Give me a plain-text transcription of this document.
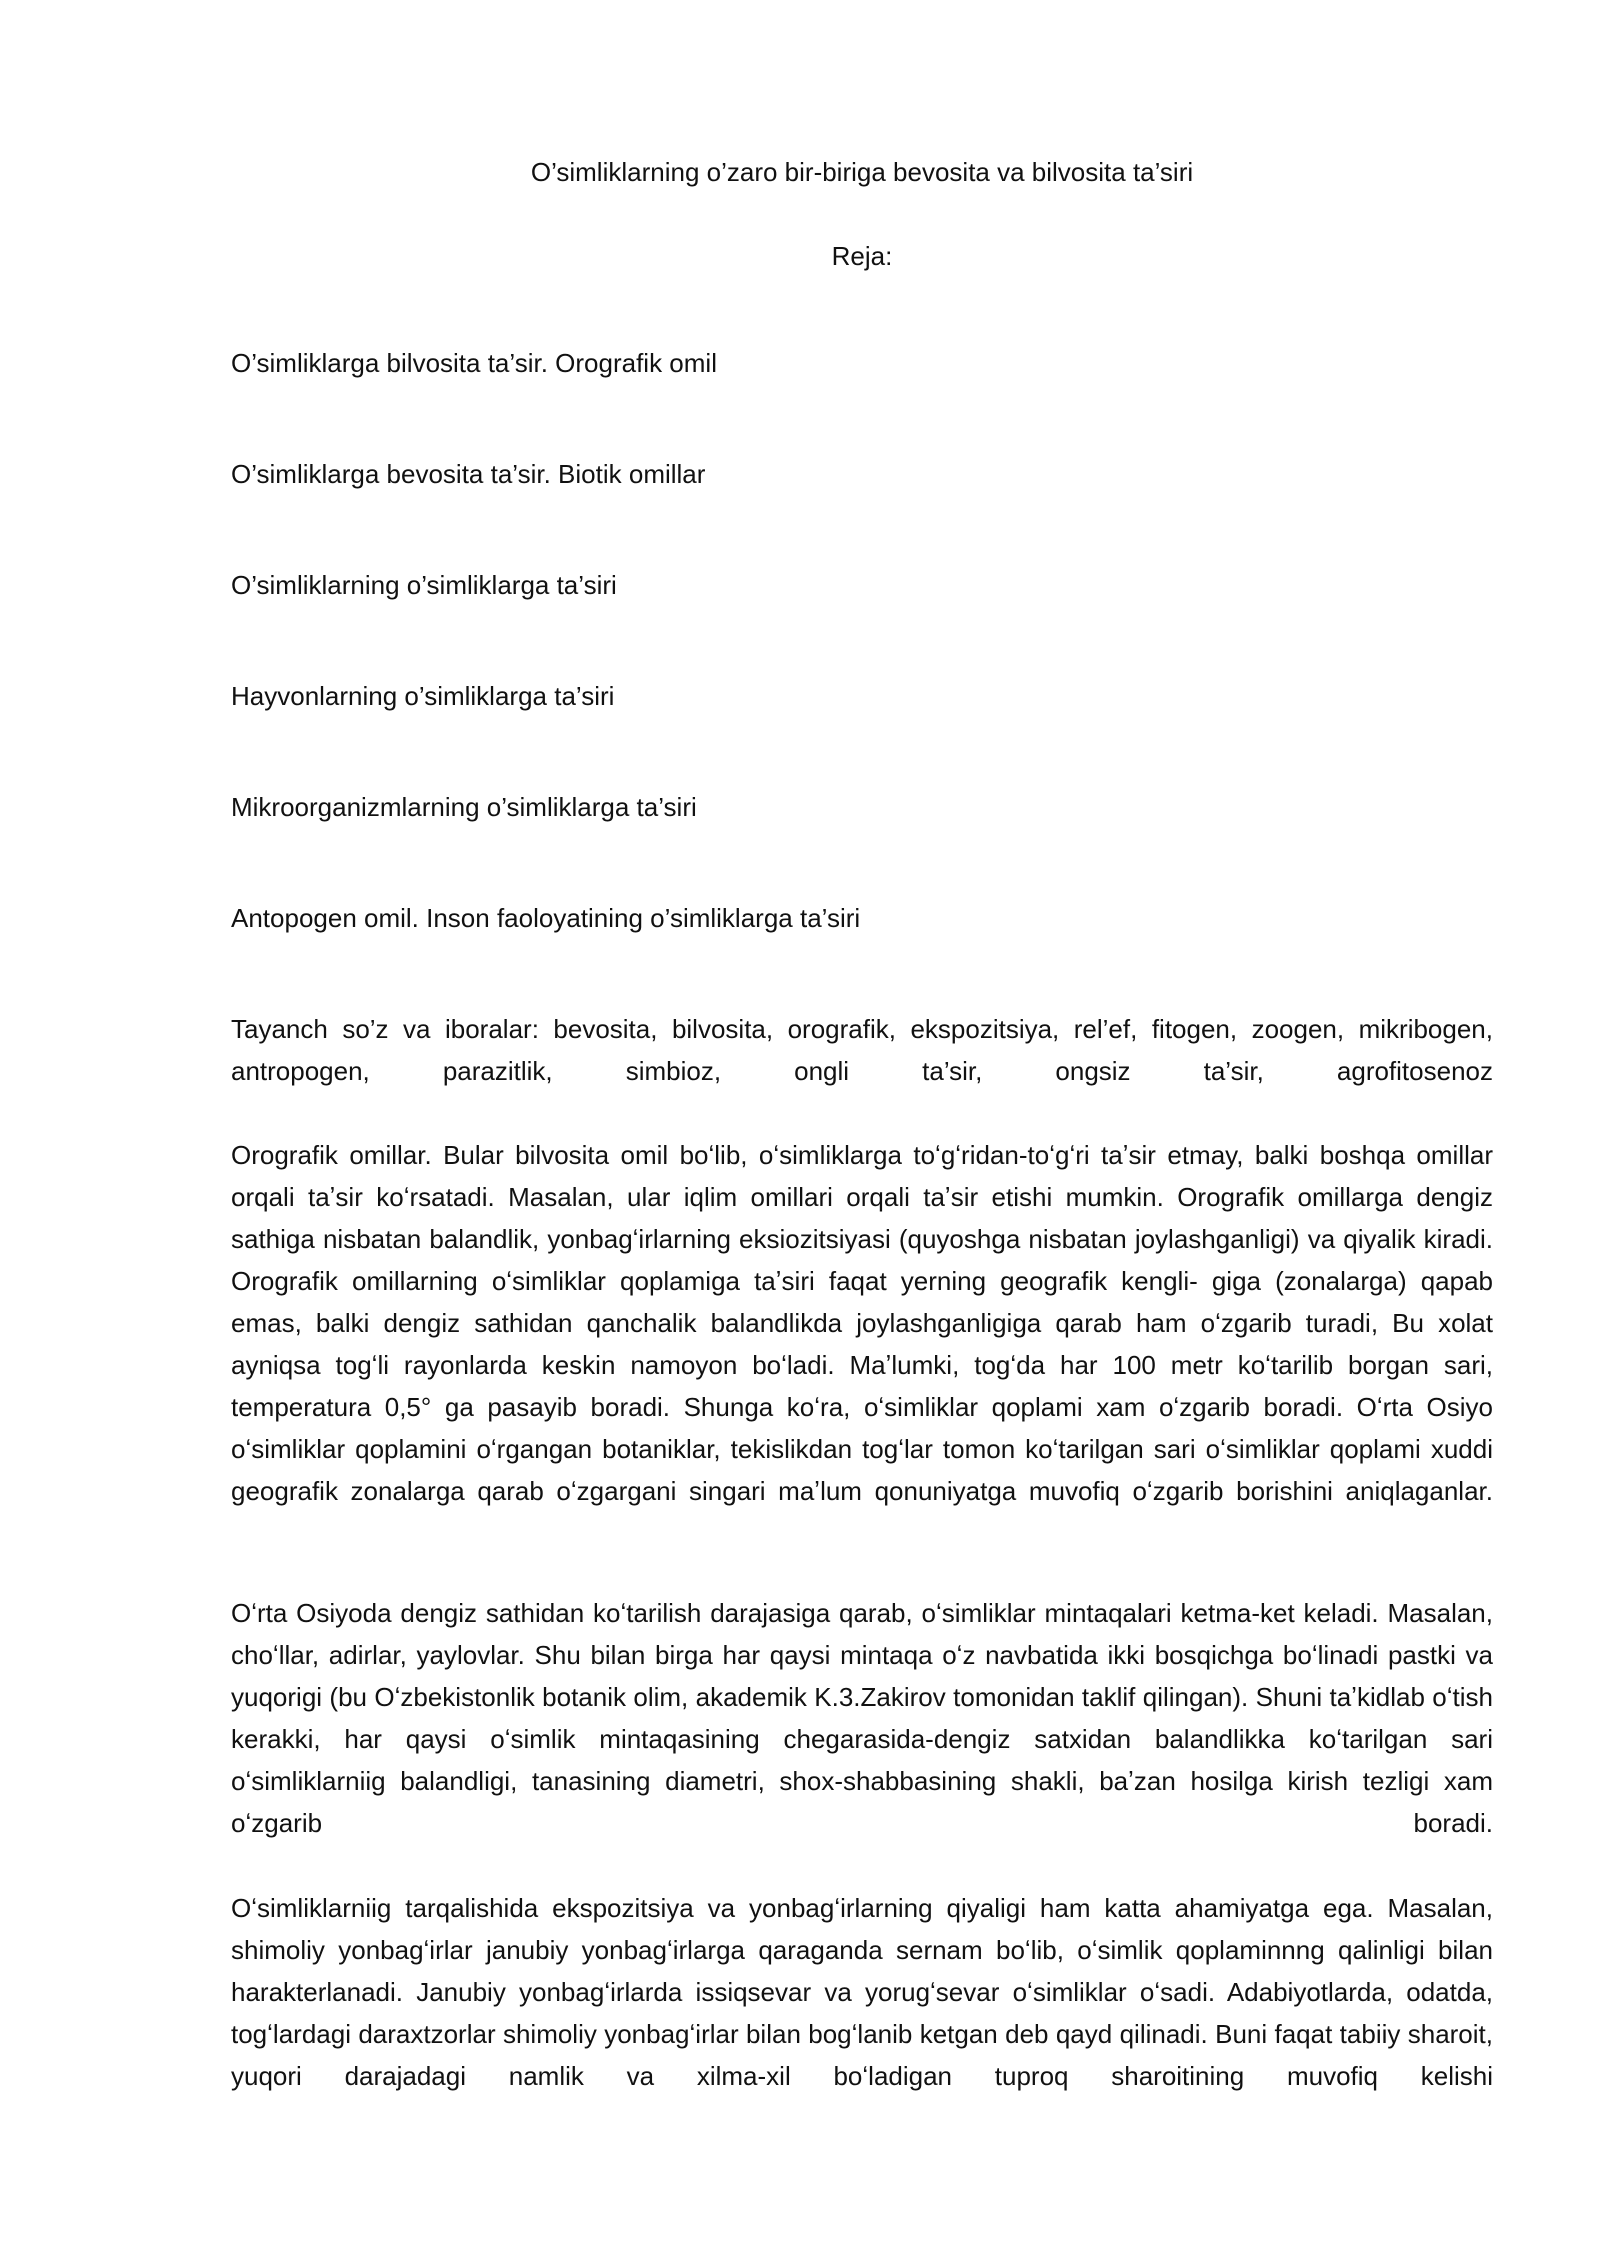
O’simliklarning o’zaro bir-biriga bevosita va bilvosita ta’siri

Reja:

O’simliklarga bilvosita ta’sir. Orografik omil

O’simliklarga bevosita ta’sir. Biotik omillar

O’simliklarning o’simliklarga ta’siri

Hayvonlarning o’simliklarga ta’siri

Mikroorganizmlarning o’simliklarga ta’siri

Antopogen omil. Inson faoloyatining o’simliklarga ta’siri

Tayanch so’z va iboralar: bevosita, bilvosita, orografik, ekspozitsiya, rel’ef, fitogen, zoogen, mikribogen, antropogen, parazitlik, simbioz, ongli ta’sir, ongsiz ta’sir, agrofitosenoz

Orografik omillar. Bular bilvosita omil boʻlib, oʻsimliklarga toʻgʻridan-toʻgʻri taʼsir etmay, balki boshqa omillar orqali taʼsir koʻrsatadi. Masalan, ular iqlim omillari orqali taʼsir etishi mumkin. Orografik omillarga dengiz sathiga nisbatan balandlik, yonbagʻirlarning eksiozitsiyasi (quyoshga nisbatan joylashganligi) va qiyalik kiradi. Orografik omillarning oʻsimliklar qoplamiga taʼsiri faqat yerning geografik kengli- giga (zonalarga) qapab emas, balki dengiz sathidan qanchalik balandlikda joylashganligiga qarab ham oʻzgarib turadi, Bu xolat ayniqsa togʻli rayonlarda keskin namoyon boʻladi. Maʼlumki, togʻda har 100 metr koʻtarilib borgan sari, temperatura 0,5° ga pasayib boradi. Shunga koʻra, oʻsimliklar qoplami xam oʻzgarib boradi. Oʻrta Osiyo oʻsimliklar qoplamini oʻrgangan botaniklar, tekislikdan togʻlar tomon koʻtarilgan sari oʻsimliklar qoplami xuddi geografik zonalarga qarab oʻzgargani singari maʼlum qonuniyatga muvofiq oʻzgarib borishini aniqlaganlar.

Oʻrta Osiyoda dengiz sathidan koʻtarilish darajasiga qarab, oʻsimliklar mintaqalari ketma-ket keladi. Masalan, choʻllar, adirlar, yaylovlar. Shu bilan birga har qaysi mintaqa oʻz navbatida ikki bosqichga boʻlinadi pastki va yuqorigi (bu Oʻzbekistonlik botanik olim, akademik K.3.Zakirov tomonidan taklif qilingan). Shuni taʼkidlab oʻtish kerakki, har qaysi oʻsimlik mintaqasining chegarasida-dengiz satxidan balandlikka koʻtarilgan sari oʻsimliklarniig balandligi, tanasining diametri, shox-shabbasining shakli, baʼzan hosilga kirish tezligi xam oʻzgarib boradi.

Oʻsimliklarniig tarqalishida ekspozitsiya va yonbagʻirlarning qiyaligi ham katta ahamiyatga ega. Masalan, shimoliy yonbagʻirlar janubiy yonbagʻirlarga qaraganda sernam boʻlib, oʻsimlik qoplaminnng qalinligi bilan harakterlanadi. Janubiy yonbagʻirlarda issiqsevar va yorugʻsevar oʻsimliklar oʻsadi. Adabiyotlarda, odatda, togʻlardagi daraxtzorlar shimoliy yonbagʻirlar bilan bogʻlanib ketgan deb qayd qilinadi. Buni faqat tabiiy sharoit, yuqori darajadagi namlik va xilma-xil boʻladigan tuproq sharoitining muvofiq kelishi
